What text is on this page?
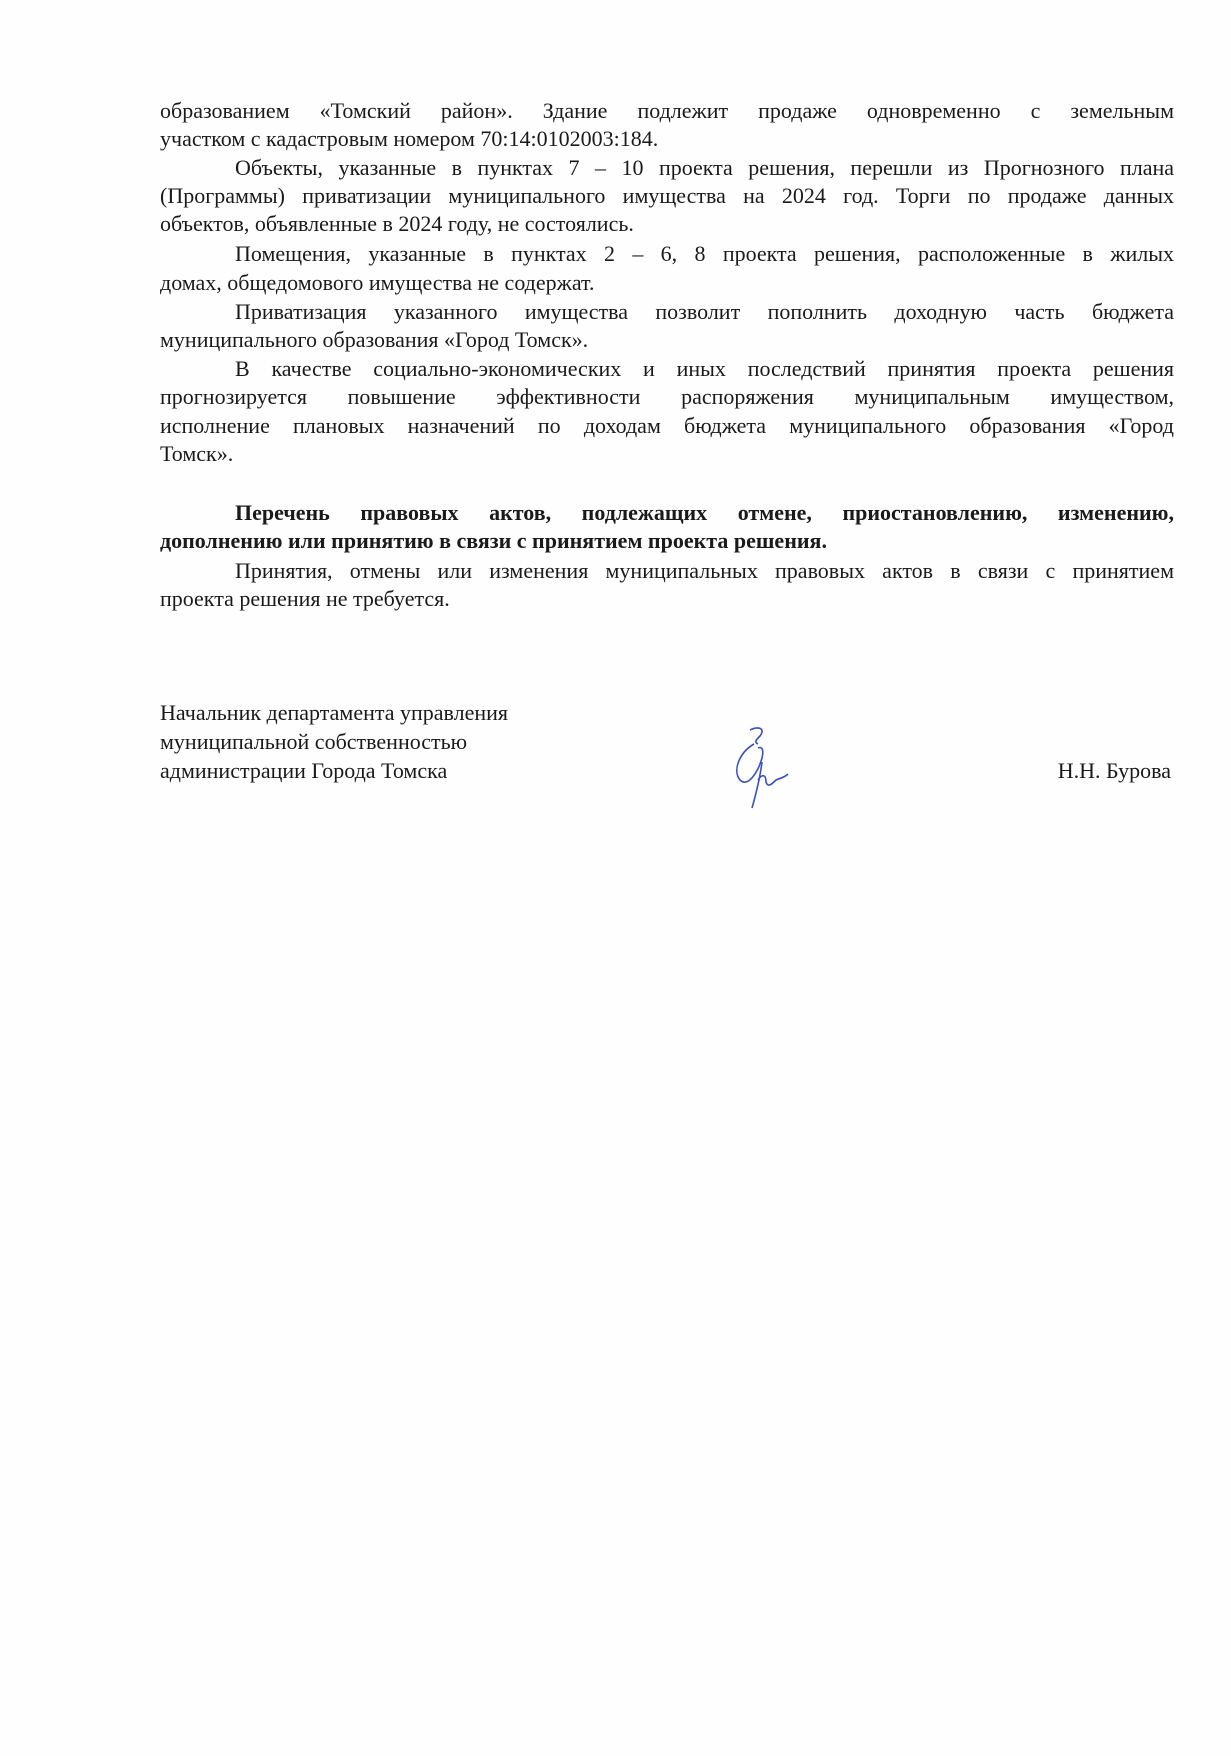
образованием «Томский район». Здание подлежит продаже одновременно с земельным
участком с кадастровым номером 70:14:0102003:184.
Объекты, указанные в пунктах 7 – 10 проекта решения, перешли из Прогнозного плана
(Программы) приватизации муниципального имущества на 2024 год. Торги по продаже данных
объектов, объявленные в 2024 году, не состоялись.
Помещения, указанные в пунктах 2 – 6, 8 проекта решения, расположенные в жилых
домах, общедомового имущества не содержат.
Приватизация указанного имущества позволит пополнить доходную часть бюджета
муниципального образования «Город Томск».
В качестве социально-экономических и иных последствий принятия проекта решения
прогнозируется повышение эффективности распоряжения муниципальным имуществом,
исполнение плановых назначений по доходам бюджета муниципального образования «Город
Томск».
Перечень правовых актов, подлежащих отмене, приостановлению, изменению,
дополнению или принятию в связи с принятием проекта решения.
Принятия, отмены или изменения муниципальных правовых актов в связи с принятием
проекта решения не требуется.
Начальник департамента управления
муниципальной собственностью
администрации Города Томска	Н.Н. Бурова
